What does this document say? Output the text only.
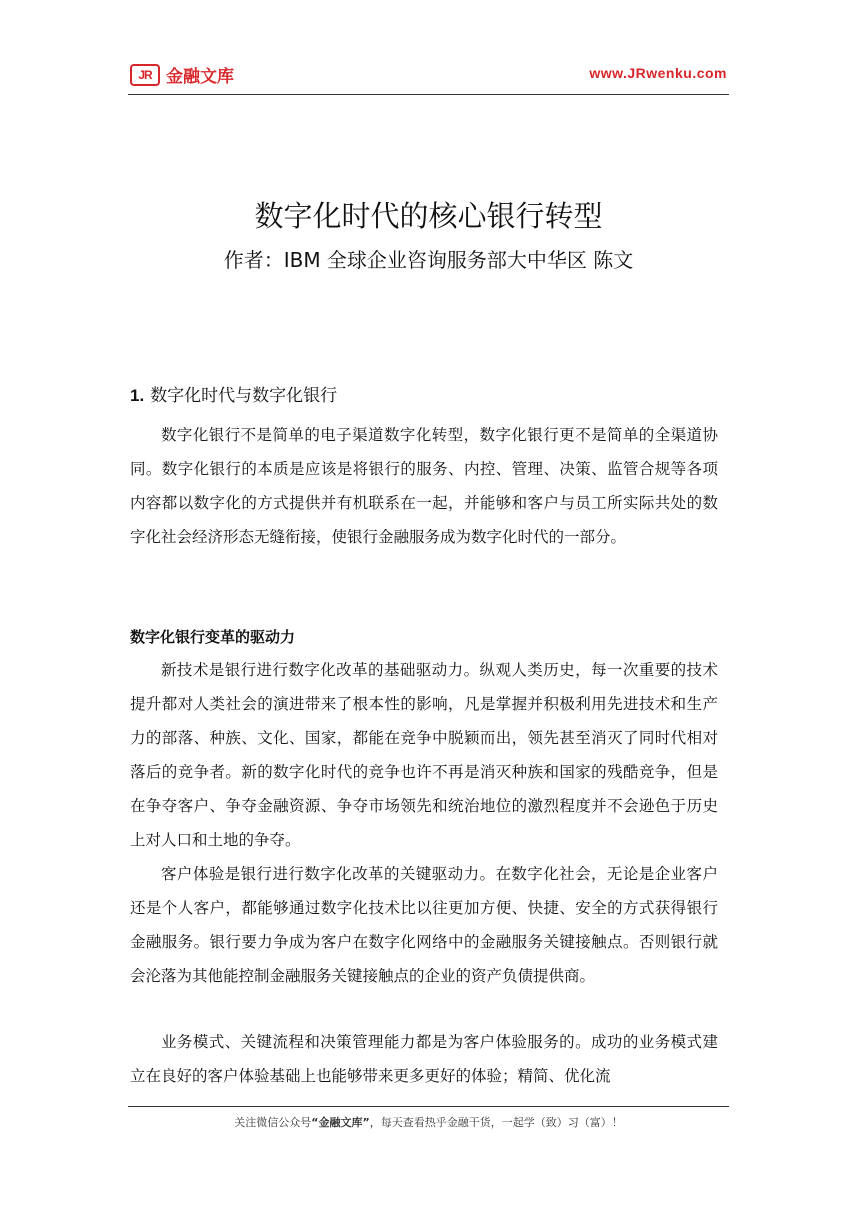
JR 金融文库	www.JRwenku.com
数字化时代的核心银行转型
作者：IBM 全球企业咨询服务部大中华区 陈文
1. 数字化时代与数字化银行

数字化银行不是简单的电子渠道数字化转型，数字化银行更不是简单的全渠道协同。数字化银行的本质是应该是将银行的服务、内控、管理、决策、监管合规等各项内容都以数字化的方式提供并有机联系在一起，并能够和客户与员工所实际共处的数字化社会经济形态无缝衔接，使银行金融服务成为数字化时代的一部分。

数字化银行变革的驱动力

新技术是银行进行数字化改革的基础驱动力。纵观人类历史，每一次重要的技术提升都对人类社会的演进带来了根本性的影响，凡是掌握并积极利用先进技术和生产力的部落、种族、文化、国家，都能在竞争中脱颖而出，领先甚至消灭了同时代相对落后的竞争者。新的数字化时代的竞争也许不再是消灭种族和国家的残酷竞争，但是在争夺客户、争夺金融资源、争夺市场领先和统治地位的激烈程度并不会逊色于历史上对人口和土地的争夺。

客户体验是银行进行数字化改革的关键驱动力。在数字化社会，无论是企业客户还是个人客户，都能够通过数字化技术比以往更加方便、快捷、安全的方式获得银行金融服务。银行要力争成为客户在数字化网络中的金融服务关键接触点。否则银行就会沦落为其他能控制金融服务关键接触点的企业的资产负债提供商。

业务模式、关键流程和决策管理能力都是为客户体验服务的。成功的业务模式建立在良好的客户体验基础上也能够带来更多更好的体验；精简、优化流

关注微信公众号“金融文库”，每天查看热乎金融干货，一起学（致）习（富）！
